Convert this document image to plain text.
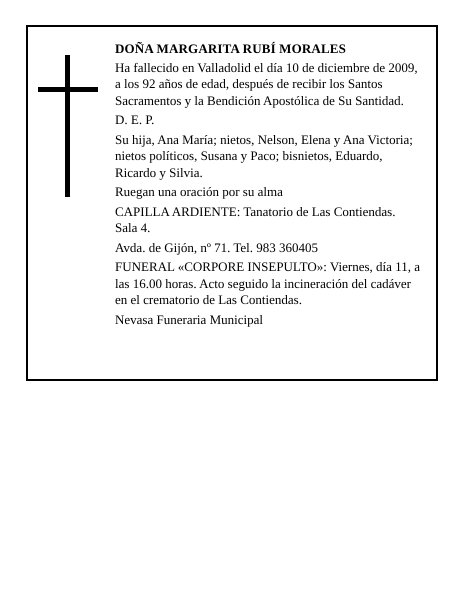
DOÑA MARGARITA RUBÍ MORALES

Ha fallecido en Valladolid el día 10 de diciembre de 2009, a los 92 años de edad, después de recibir los Santos Sacramentos y la Bendición Apostólica de Su Santidad.

D. E. P.

Su hija, Ana María; nietos, Nelson, Elena y Ana Victoria; nietos políticos, Susana y Paco; bisnietos, Eduardo, Ricardo y Silvia.

Ruegan una oración por su alma

CAPILLA ARDIENTE: Tanatorio de Las Contiendas. Sala 4.

Avda. de Gijón, nº 71. Tel. 983 360405

FUNERAL «CORPORE INSEPULTO»: Viernes, día 11, a las 16.00 horas. Acto seguido la incineración del cadáver en el crematorio de Las Contiendas.

Nevasa Funeraria Municipal
